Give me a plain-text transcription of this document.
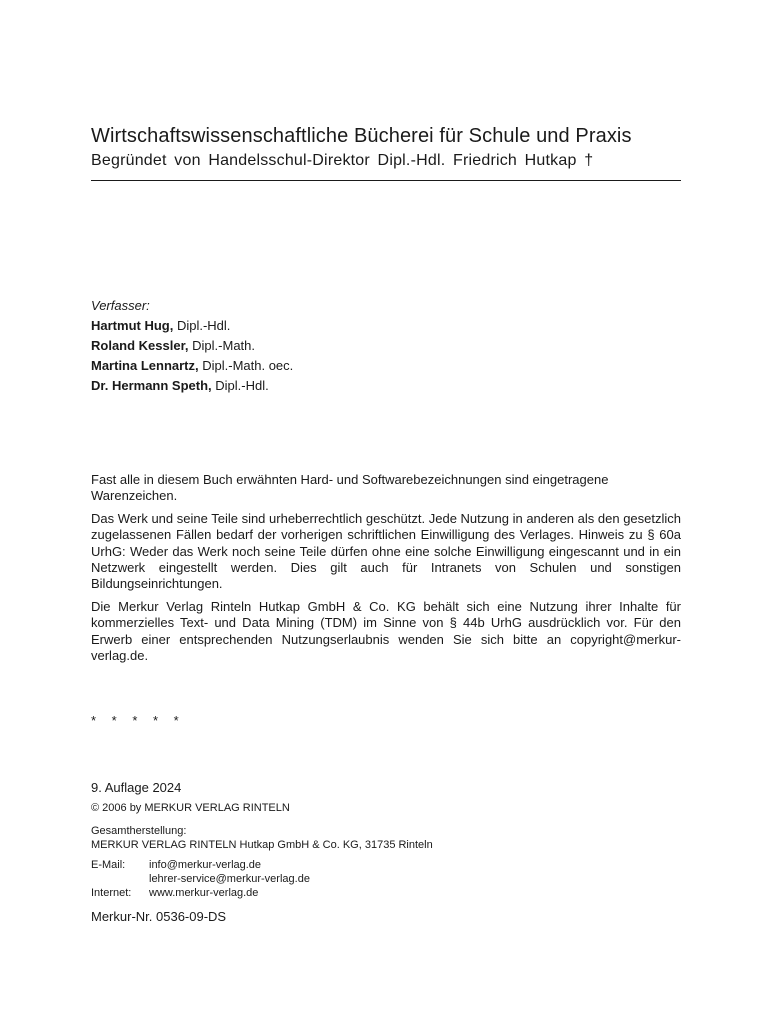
Wirtschaftswissenschaftliche Bücherei für Schule und Praxis
Begründet von Handelsschul-Direktor Dipl.-Hdl. Friedrich Hutkap †
Verfasser:
Hartmut Hug, Dipl.-Hdl.
Roland Kessler, Dipl.-Math.
Martina Lennartz, Dipl.-Math. oec.
Dr. Hermann Speth, Dipl.-Hdl.

Fast alle in diesem Buch erwähnten Hard- und Softwarebezeichnungen sind eingetragene Warenzeichen.

Das Werk und seine Teile sind urheberrechtlich geschützt. Jede Nutzung in anderen als den gesetzlich zugelassenen Fällen bedarf der vorherigen schriftlichen Einwilligung des Verlages. Hinweis zu § 60a UrhG: Weder das Werk noch seine Teile dürfen ohne eine solche Einwilligung eingescannt und in ein Netzwerk eingestellt werden. Dies gilt auch für Intranets von Schulen und sonstigen Bildungseinrichtungen.

Die Merkur Verlag Rinteln Hutkap GmbH & Co. KG behält sich eine Nutzung ihrer Inhalte für kommerzielles Text- und Data Mining (TDM) im Sinne von § 44b UrhG ausdrücklich vor. Für den Erwerb einer entsprechenden Nutzungserlaubnis wenden Sie sich bitte an copyright@merkur-verlag.de.

* * * * *
9. Auflage 2024
© 2006 by MERKUR VERLAG RINTELN
Gesamtherstellung:
MERKUR VERLAG RINTELN Hutkap GmbH & Co. KG, 31735 Rinteln
E-Mail:	info@merkur-verlag.de
	lehrer-service@merkur-verlag.de
Internet:	www.merkur-verlag.de
Merkur-Nr. 0536-09-DS
